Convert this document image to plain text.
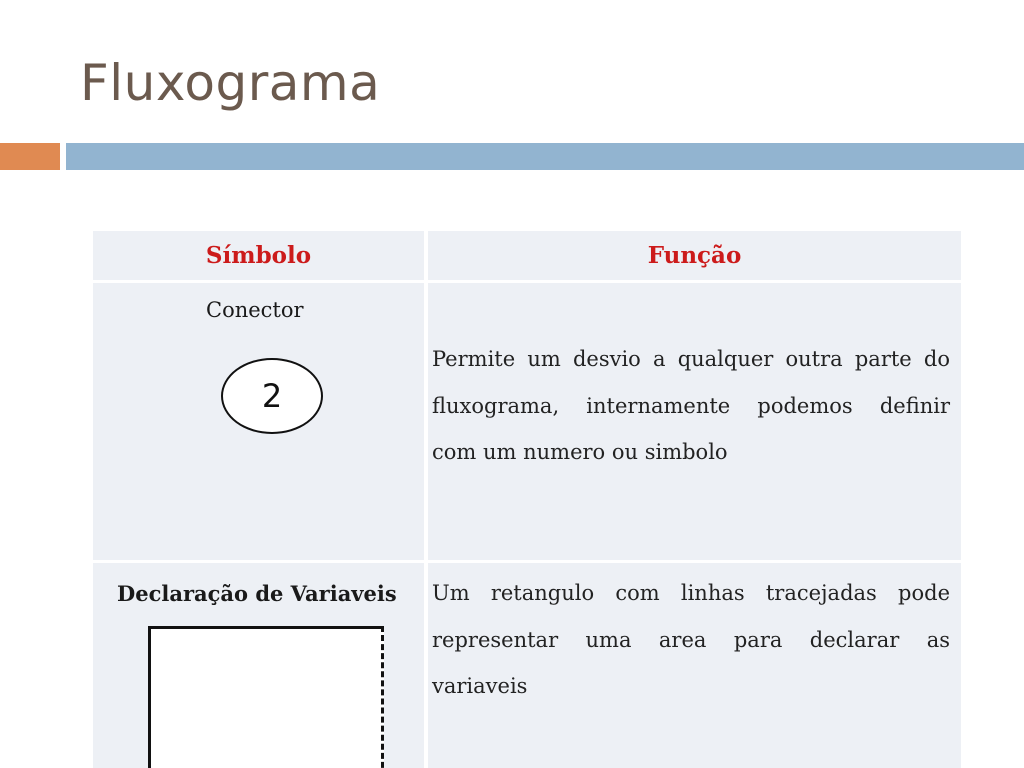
Fluxograma
Símbolo	Função
Conector
2
Permite um desvio a qualquer outra parte do
fluxograma, internamente podemos definir
com um numero ou simbolo
Declaração de Variaveis Um retangulo com linhas tracejadas pode
representar uma area para declarar as
variaveis
